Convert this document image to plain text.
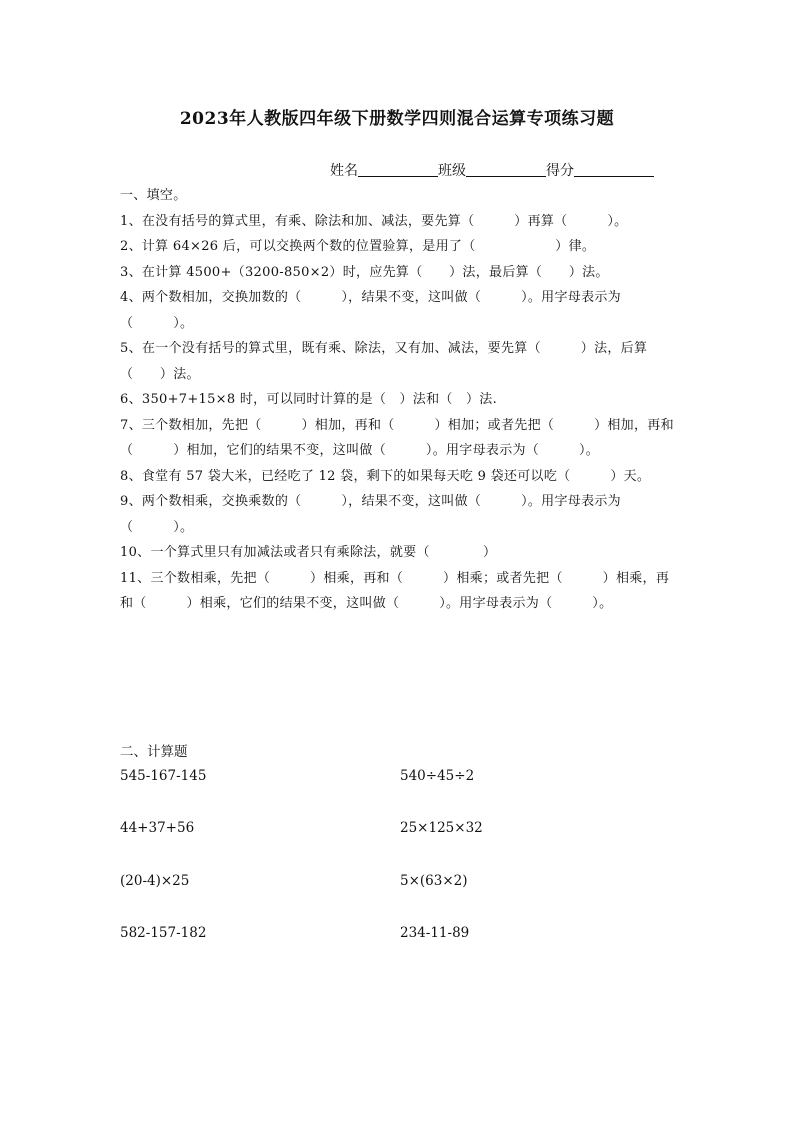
2023年人教版四年级下册数学四则混合运算专项练习题
姓名	班级	得分

一、填空。

1、在没有括号的算式里，有乘、除法和加、减法，要先算（　　　）再算（　　　）。

2、计算 64×26 后，可以交换两个数的位置验算，是用了（　　　　　　）律。

3、在计算 4500+（3200-850×2）时，应先算（　　）法，最后算（　　）法。

4、两个数相加，交换加数的（　　　），结果不变，这叫做（　　　）。用字母表示为（　　　）。

5、在一个没有括号的算式里，既有乘、除法，又有加、减法，要先算（　　　）法，后算（　　）法。

6、350+7+15×8 时，可以同时计算的是（　）法和（　）法.

7、三个数相加，先把（　　　）相加，再和（　　　）相加；或者先把（　　　）相加，再和（　　　）相加，它们的结果不变，这叫做（　　　）。用字母表示为（　　　）。

8、食堂有 57 袋大米，已经吃了 12 袋，剩下的如果每天吃 9 袋还可以吃（　　　）天。

9、两个数相乘，交换乘数的（　　　），结果不变，这叫做（　　　）。用字母表示为（　　　）。

10、一个算式里只有加减法或者只有乘除法，就要（　　　　）

11、三个数相乘，先把（　　　）相乘，再和（　　　）相乘；或者先把（　　　）相乘，再和（　　　）相乘，它们的结果不变，这叫做（　　　）。用字母表示为（　　　）。

二、计算题
545-167-145	540÷45÷2
44+37+56	25×125×32
(20-4)×25	5×(63×2)
582-157-182	234-11-89
